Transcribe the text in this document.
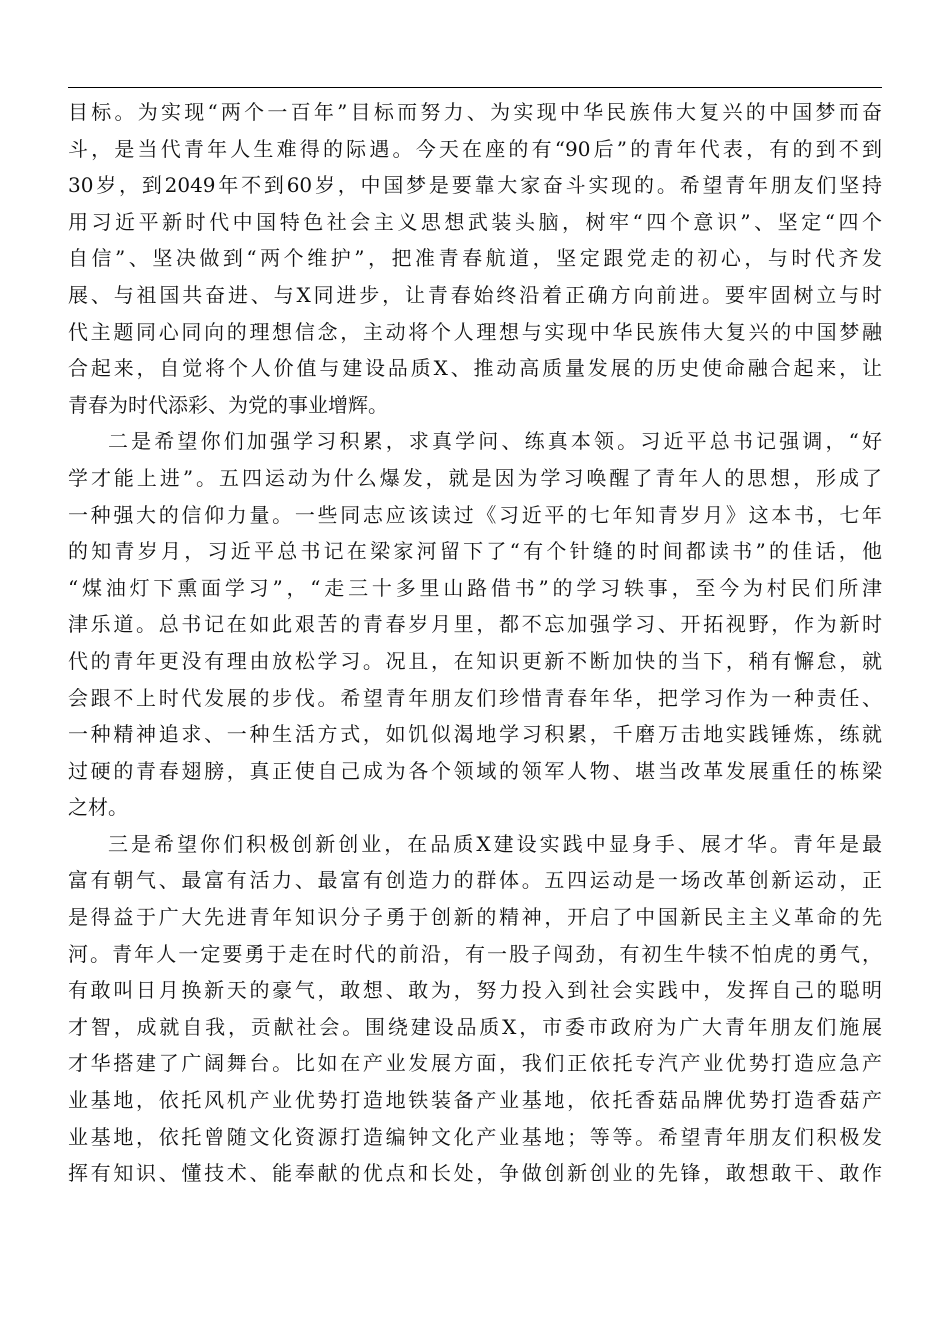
目标。为实现“两个一百年”目标而努力、为实现中华民族伟大复兴的中国梦而奋
斗，是当代青年人生难得的际遇。今天在座的有“90后”的青年代表，有的到不到
30岁，到2049年不到60岁，中国梦是要靠大家奋斗实现的。希望青年朋友们坚持
用习近平新时代中国特色社会主义思想武装头脑，树牢“四个意识”、坚定“四个
自信”、坚决做到“两个维护”，把准青春航道，坚定跟党走的初心，与时代齐发
展、与祖国共奋进、与X同进步，让青春始终沿着正确方向前进。要牢固树立与时
代主题同心同向的理想信念，主动将个人理想与实现中华民族伟大复兴的中国梦融
合起来，自觉将个人价值与建设品质X、推动高质量发展的历史使命融合起来，让
青春为时代添彩、为党的事业增辉。
二是希望你们加强学习积累，求真学问、练真本领。习近平总书记强调，“好
学才能上进”。五四运动为什么爆发，就是因为学习唤醒了青年人的思想，形成了
一种强大的信仰力量。一些同志应该读过《习近平的七年知青岁月》这本书，七年
的知青岁月，习近平总书记在梁家河留下了“有个针缝的时间都读书”的佳话，他
“煤油灯下熏面学习”，“走三十多里山路借书”的学习轶事，至今为村民们所津
津乐道。总书记在如此艰苦的青春岁月里，都不忘加强学习、开拓视野，作为新时
代的青年更没有理由放松学习。况且，在知识更新不断加快的当下，稍有懈怠，就
会跟不上时代发展的步伐。希望青年朋友们珍惜青春年华，把学习作为一种责任、
一种精神追求、一种生活方式，如饥似渴地学习积累，千磨万击地实践锤炼，练就
过硬的青春翅膀，真正使自己成为各个领域的领军人物、堪当改革发展重任的栋梁
之材。
三是希望你们积极创新创业，在品质X建设实践中显身手、展才华。青年是最
富有朝气、最富有活力、最富有创造力的群体。五四运动是一场改革创新运动，正
是得益于广大先进青年知识分子勇于创新的精神，开启了中国新民主主义革命的先
河。青年人一定要勇于走在时代的前沿，有一股子闯劲，有初生牛犊不怕虎的勇气，
有敢叫日月换新天的豪气，敢想、敢为，努力投入到社会实践中，发挥自己的聪明
才智，成就自我，贡献社会。围绕建设品质X，市委市政府为广大青年朋友们施展
才华搭建了广阔舞台。比如在产业发展方面，我们正依托专汽产业优势打造应急产
业基地，依托风机产业优势打造地铁装备产业基地，依托香菇品牌优势打造香菇产
业基地，依托曾随文化资源打造编钟文化产业基地；等等。希望青年朋友们积极发
挥有知识、懂技术、能奉献的优点和长处，争做创新创业的先锋，敢想敢干、敢作
